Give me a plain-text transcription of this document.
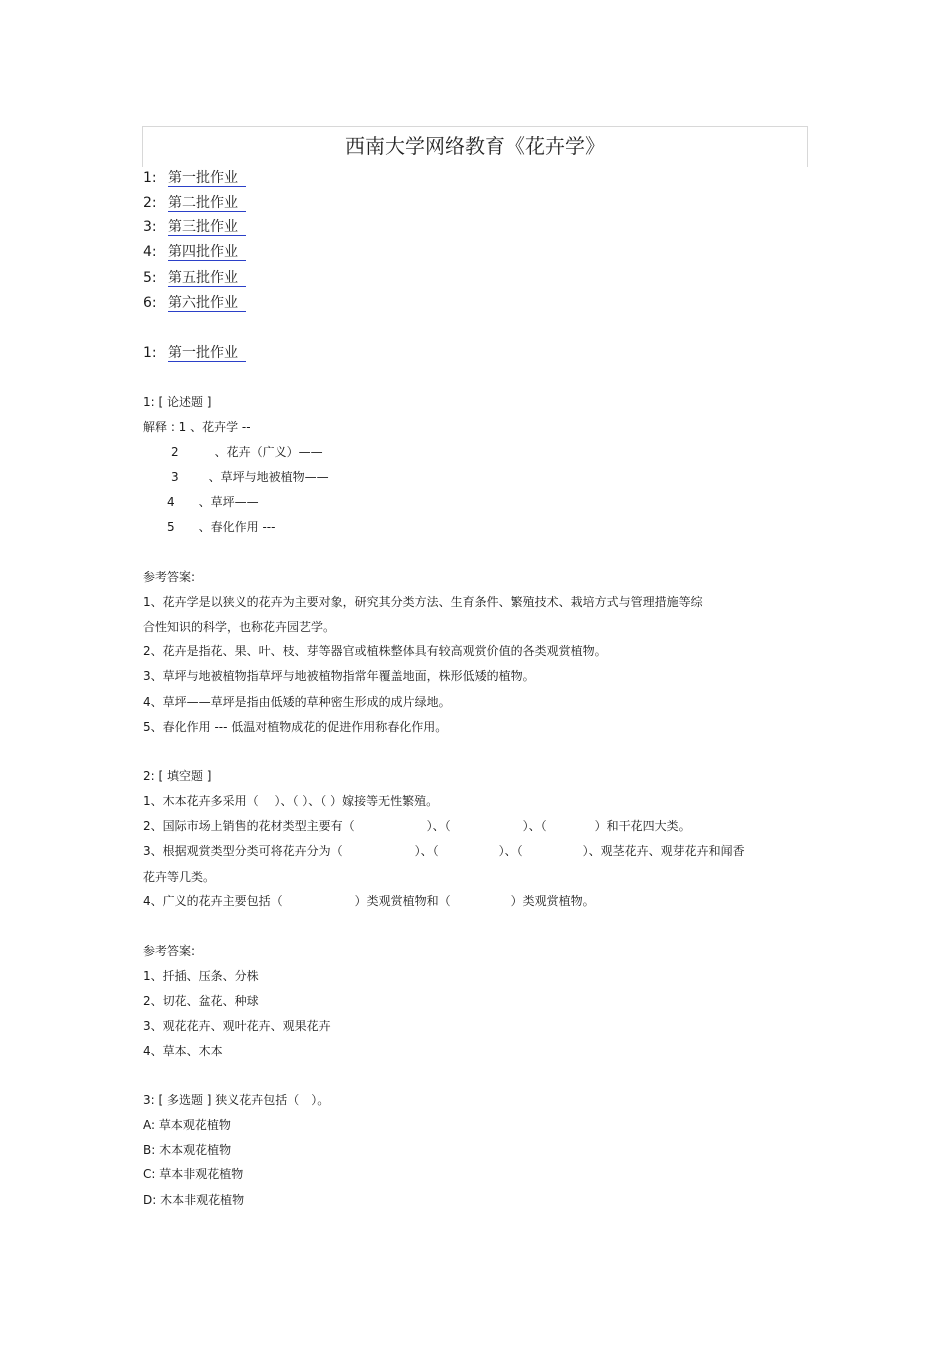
西南大学网络教育《花卉学》
1: 第一批作业
2: 第二批作业
3: 第三批作业
4: 第四批作业
5: 第五批作业
6: 第六批作业
1: 第一批作业
1: [ 论述题 ]
解释 : 1 、花卉学 --
2	、花卉（广义）——
3	、草坪与地被植物——
4 、草坪——
5 、春化作用 ---
参考答案:
1、花卉学是以狭义的花卉为主要对象，研究其分类方法、生育条件、繁殖技术、栽培方式与管理措施等综
合性知识的科学，也称花卉园艺学。
2、花卉是指花、果、叶、枝、芽等器官或植株整体具有较高观赏价值的各类观赏植物。
3、草坪与地被植物指草坪与地被植物指常年覆盖地面，株形低矮的植物。
4、草坪——草坪是指由低矮的草种密生形成的成片绿地。
5、春化作用 --- 低温对植物成花的促进作用称春化作用。
2: [ 填空题 ]
1、木本花卉多采用（　 ）、（ ）、（ ）嫁接等无性繁殖。
2、国际市场上销售的花材类型主要有（　　　　　　）、（　　　　　　）、（　　　　）和干花四大类。
3、根据观赏类型分类可将花卉分为（　　　　　　）、（　　　　　）、（　　　　　）、观茎花卉、观芽花卉和闻香
花卉等几类。
4、广义的花卉主要包括（　　　　　　）类观赏植物和（　　　　　）类观赏植物。
参考答案:
1、扦插、压条、分株
2、切花、盆花、种球
3、观花花卉、观叶花卉、观果花卉
4、草本、木本
3: [ 多选题 ] 狭义花卉包括（　）。
A: 草本观花植物
B: 木本观花植物
C: 草本非观花植物
D: 木本非观花植物
